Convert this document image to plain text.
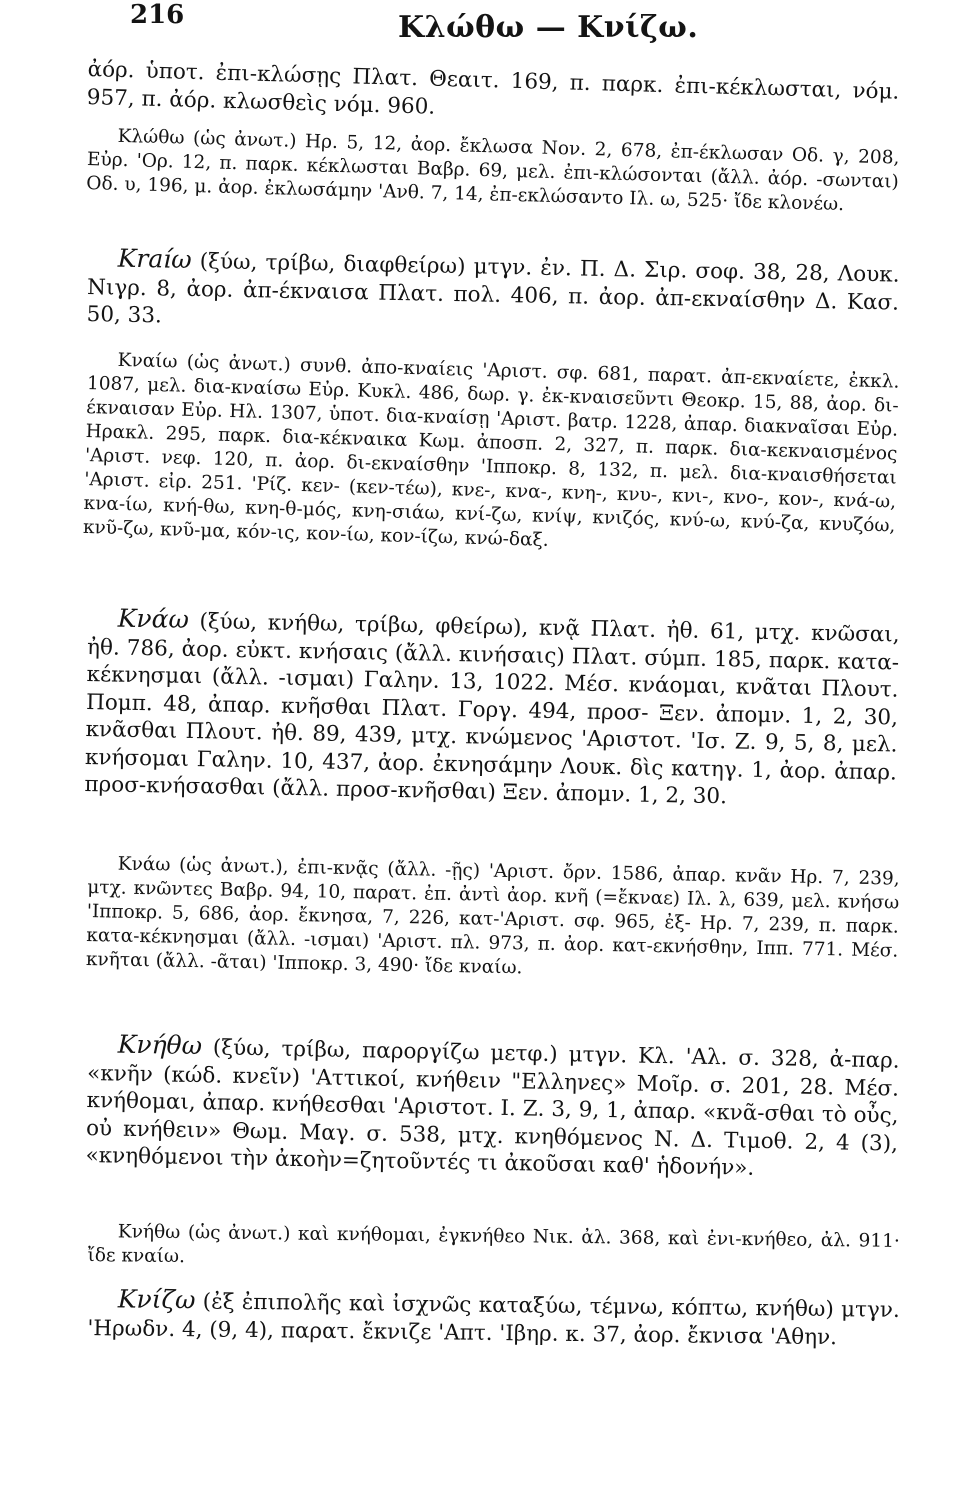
216	Κλώθω — Κνίζω.

ἀόρ. ὑποτ. ἐπι-κλώσῃς Πλατ. Θεαιτ. 169, π. παρκ. ἐπι-κέκλωσται, νόμ. 957, π. ἀόρ. κλωσθεὶς νόμ. 960.

Κλώθω (ὡς ἀνωτ.) Ηρ. 5, 12, ἀορ. ἔκλωσα Νον. 2, 678, ἐπ-έκλωσαν Οδ. γ, 208, Εὐρ. 'Ορ. 12, π. παρκ. κέκλωσται Βαβρ. 69, μελ. ἐπι-κλώσονται (ἄλλ. ἀόρ. -σωνται) Οδ. υ, 196, μ. ἀορ. ἐκλωσάμην 'Ανθ. 7, 14, ἐπ-εκλώσαντο Ιλ. ω, 525· ἴδε κλονέω.

Kraíω (ξύω, τρίβω, διαφθείρω) μτγν. ἐν. Π. Δ. Σιρ. σοφ. 38, 28, Λουκ. Νιγρ. 8, ἀορ. ἀπ-έκναισα Πλατ. πολ. 406, π. ἀορ. ἀπ-εκναίσθην Δ. Κασ. 50, 33.

Κναίω (ὡς ἀνωτ.) συνθ. ἀπο-κναίεις 'Αριστ. σφ. 681, παρατ. ἀπ-εκναίετε, ἐκκλ. 1087, μελ. δια-κναίσω Εὐρ. Κυκλ. 486, δωρ. γ. ἐκ-κναισεῦντι Θεοκρ. 15, 88, ἀορ. δι-έκναισαν Εὐρ. Ηλ. 1307, ὑποτ. δια-κναίσῃ 'Αριστ. βατρ. 1228, ἀπαρ. διακναῖσαι Εὐρ. Ηρακλ. 295, παρκ. δια-κέκναικα Κωμ. ἀποσπ. 2, 327, π. παρκ. δια-κεκναισμένος 'Αριστ. νεφ. 120, π. ἀορ. δι-εκναίσθην 'Ιπποκρ. 8, 132, π. μελ. δια-κναισθήσεται 'Αριστ. εἰρ. 251. 'Ρίζ. κεν- (κεν-τέω), κνε-, κνα-, κνη-, κνυ-, κνι-, κνο-, κον-, κνά-ω, κνα-ίω, κνή-θω, κνη-θ-μός, κνη-σιάω, κνί-ζω, κνίψ, κνιζός, κνύ-ω, κνύ-ζα, κνυζόω, κνῦ-ζω, κνῦ-μα, κόν-ις, κον-ίω, κον-ίζω, κνώ-δαξ.

Κνάω (ξύω, κνήθω, τρίβω, φθείρω), κνᾷ Πλατ. ἠθ. 61, μτχ. κνῶσαι, ἠθ. 786, ἀορ. εὐκτ. κνήσαις (ἄλλ. κινήσαις) Πλατ. σύμπ. 185, παρκ. κατα-κέκνησμαι (ἄλλ. -ισμαι) Γαλην. 13, 1022. Μέσ. κνάομαι, κνᾶται Πλουτ. Πομπ. 48, ἀπαρ. κνῆσθαι Πλατ. Γοργ. 494, προσ- Ξεν. ἀπομν. 1, 2, 30, κνᾶσθαι Πλουτ. ἠθ. 89, 439, μτχ. κνώμενος 'Αριστοτ. 'Ισ. Ζ. 9, 5, 8, μελ. κνήσομαι Γαλην. 10, 437, ἀορ. ἐκνησάμην Λουκ. δὶς κατηγ. 1, ἀορ. ἀπαρ. προσ-κνήσασθαι (ἄλλ. προσ-κνῆσθαι) Ξεν. ἀπομν. 1, 2, 30.

Κνάω (ὡς ἀνωτ.), ἐπι-κνᾷς (ἄλλ. -ῇς) 'Αριστ. ὄρν. 1586, ἀπαρ. κνᾶν Ηρ. 7, 239, μτχ. κνῶντες Βαβρ. 94, 10, παρατ. ἐπ. ἀντὶ ἀορ. κνῆ (=ἔκναε) Ιλ. λ, 639, μελ. κνήσω 'Ιπποκρ. 5, 686, ἀορ. ἔκνησα, 7, 226, κατ-'Αριστ. σφ. 965, ἐξ- Ηρ. 7, 239, π. παρκ. κατα-κέκνησμαι (ἄλλ. -ισμαι) 'Αριστ. πλ. 973, π. ἀορ. κατ-εκνήσθην, Ιππ. 771. Μέσ. κνῆται (ἄλλ. -ᾶται) 'Ιπποκρ. 3, 490· ἴδε κναίω.

Κνήθω (ξύω, τρίβω, παροργίζω μετφ.) μτγν. Κλ. 'Αλ. σ. 328, ἀ-παρ. «κνῆν (κώδ. κνεῖν) 'Αττικοί, κνήθειν "Ελληνες» Μοῖρ. σ. 201, 28. Μέσ. κνήθομαι, ἀπαρ. κνήθεσθαι 'Αριστοτ. Ι. Ζ. 3, 9, 1, ἀπαρ. «κνᾶ-σθαι τὸ οὖς, οὐ κνήθειν» Θωμ. Μαγ. σ. 538, μτχ. κνηθόμενος Ν. Δ. Τιμοθ. 2, 4 (3), «κνηθόμενοι τὴν ἀκοὴν=ζητοῦντές τι ἀκοῦσαι καθ' ἡδονήν».

Κνήθω (ὡς ἀνωτ.) καὶ κνήθομαι, ἐγκνήθεο Νικ. ἀλ. 368, καὶ ἐνι-κνήθεο, ἀλ. 911· ἴδε κναίω.

Κνίζω (ἐξ ἐπιπολῆς καὶ ἰσχνῶς καταξύω, τέμνω, κόπτω, κνήθω) μτγν. 'Ηρωδν. 4, (9, 4), παρατ. ἔκνιζε 'Απτ. 'Ιβηρ. κ. 37, ἀορ. ἔκνισα 'Αθην.
